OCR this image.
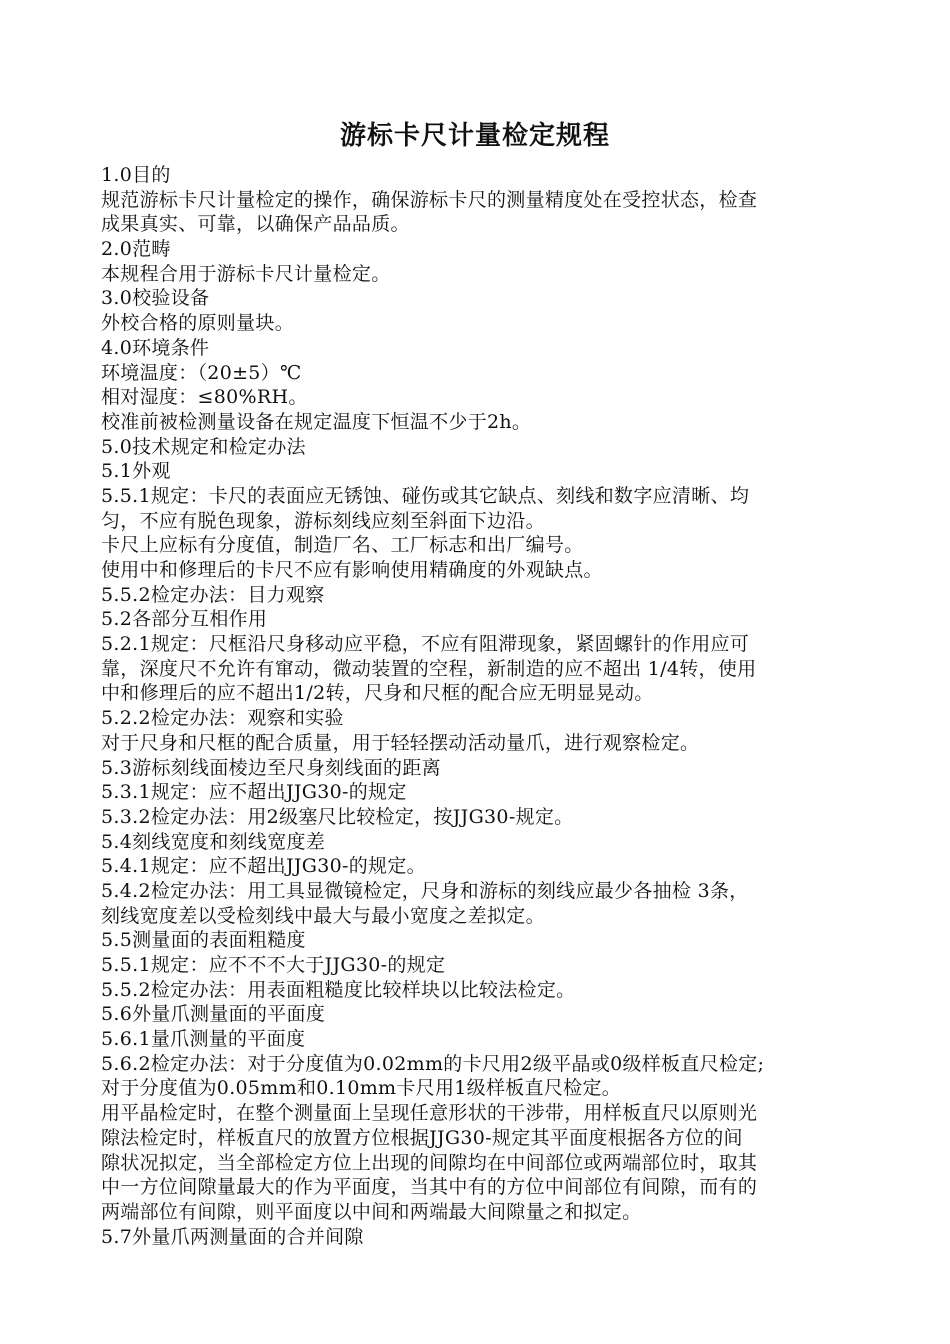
游标卡尺计量检定规程
1.0目的
规范游标卡尺计量检定的操作，确保游标卡尺的测量精度处在受控状态，检查
成果真实、可靠，以确保产品品质。
2.0范畴
本规程合用于游标卡尺计量检定。
3.0校验设备
外校合格的原则量块。
4.0环境条件
环境温度：（20±5）℃
相对湿度：≤80%RH。
校准前被检测量设备在规定温度下恒温不少于2h。
5.0技术规定和检定办法
5.1外观
5.5.1规定：卡尺的表面应无锈蚀、碰伤或其它缺点、刻线和数字应清晰、均
匀，不应有脱色现象，游标刻线应刻至斜面下边沿。
卡尺上应标有分度值，制造厂名、工厂标志和出厂编号。
使用中和修理后的卡尺不应有影响使用精确度的外观缺点。
5.5.2检定办法：目力观察
5.2各部分互相作用
5.2.1规定：尺框沿尺身移动应平稳，不应有阻滞现象，紧固螺针的作用应可
靠，深度尺不允许有窜动，微动装置的空程，新制造的应不超出 1/4转，使用
中和修理后的应不超出1/2转，尺身和尺框的配合应无明显晃动。
5.2.2检定办法：观察和实验
对于尺身和尺框的配合质量，用于轻轻摆动活动量爪，进行观察检定。
5.3游标刻线面棱边至尺身刻线面的距离
5.3.1规定：应不超出JJG30-的规定
5.3.2检定办法：用2级塞尺比较检定，按JJG30-规定。
5.4刻线宽度和刻线宽度差
5.4.1规定：应不超出JJG30-的规定。
5.4.2检定办法：用工具显微镜检定，尺身和游标的刻线应最少各抽检 3条，
刻线宽度差以受检刻线中最大与最小宽度之差拟定。
5.5测量面的表面粗糙度
5.5.1规定：应不不不大于JJG30-的规定
5.5.2检定办法：用表面粗糙度比较样块以比较法检定。
5.6外量爪测量面的平面度
5.6.1量爪测量的平面度
5.6.2检定办法：对于分度值为0.02mm的卡尺用2级平晶或0级样板直尺检定;
对于分度值为0.05mm和0.10mm卡尺用1级样板直尺检定。
用平晶检定时，在整个测量面上呈现任意形状的干涉带，用样板直尺以原则光
隙法检定时，样板直尺的放置方位根据JJG30-规定其平面度根据各方位的间
隙状况拟定，当全部检定方位上出现的间隙均在中间部位或两端部位时，取其
中一方位间隙量最大的作为平面度，当其中有的方位中间部位有间隙，而有的
两端部位有间隙，则平面度以中间和两端最大间隙量之和拟定。
5.7外量爪两测量面的合并间隙
